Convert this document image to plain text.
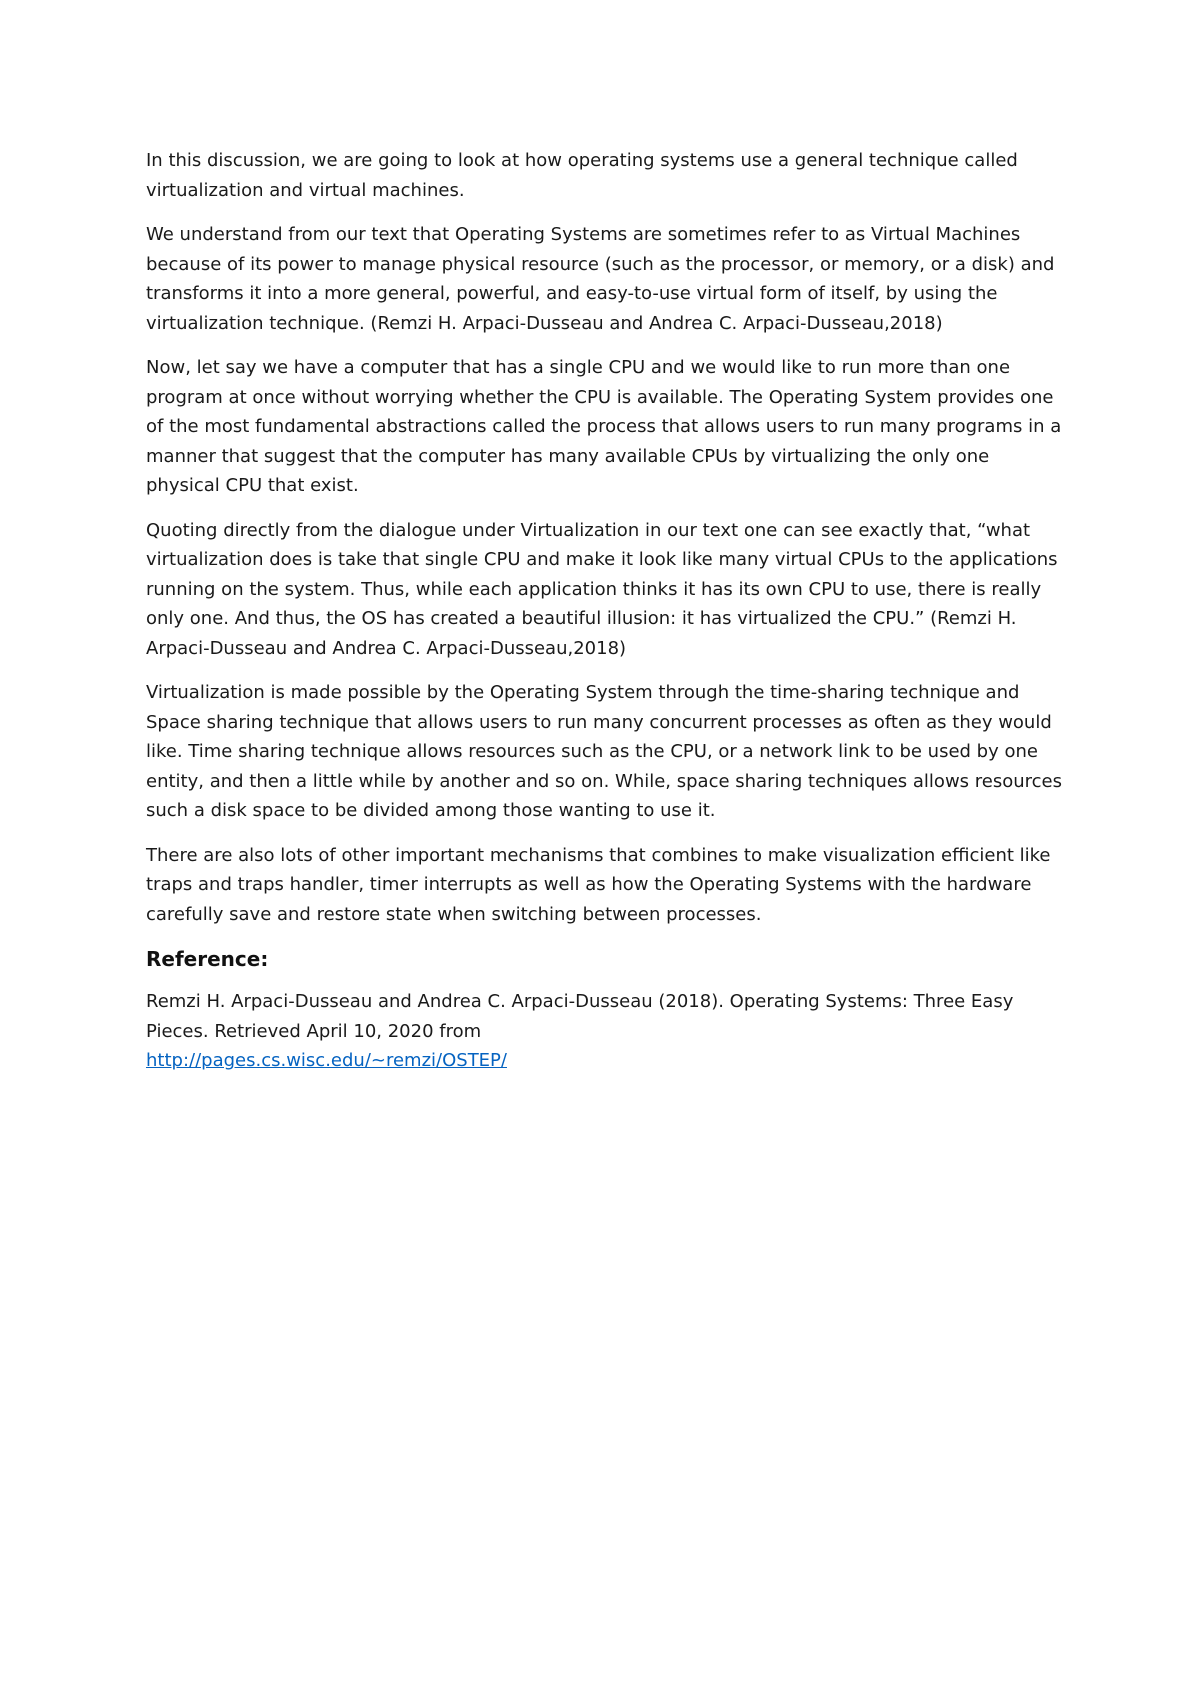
In this discussion, we are going to look at how operating systems use a general technique called virtualization and virtual machines.

We understand from our text that Operating Systems are sometimes refer to as Virtual Machines because of its power to manage physical resource (such as the processor, or memory, or a disk) and transforms it into a more general, powerful, and easy-to-use virtual form of itself, by using the virtualization technique. (Remzi H. Arpaci-Dusseau and Andrea C. Arpaci-Dusseau,2018)

Now, let say we have a computer that has a single CPU and we would like to run more than one program at once without worrying whether the CPU is available. The Operating System provides one of the most fundamental abstractions called the process that allows users to run many programs in a manner that suggest that the computer has many available CPUs by virtualizing the only one physical CPU that exist.

Quoting directly from the dialogue under Virtualization in our text one can see exactly that, “what virtualization does is take that single CPU and make it look like many virtual CPUs to the applications running on the system. Thus, while each application thinks it has its own CPU to use, there is really only one. And thus, the OS has created a beautiful illusion: it has virtualized the CPU.” (Remzi H. Arpaci-Dusseau and Andrea C. Arpaci-Dusseau,2018)

Virtualization is made possible by the Operating System through the time-sharing technique and Space sharing technique that allows users to run many concurrent processes as often as they would like. Time sharing technique allows resources such as the CPU, or a network link to be used by one entity, and then a little while by another and so on. While, space sharing techniques allows resources such a disk space to be divided among those wanting to use it.

There are also lots of other important mechanisms that combines to make visualization efficient like traps and traps handler, timer interrupts as well as how the Operating Systems with the hardware carefully save and restore state when switching between processes.

Reference:
Remzi H. Arpaci-Dusseau and Andrea C. Arpaci-Dusseau (2018). Operating Systems: Three Easy Pieces. Retrieved April 10, 2020 from
http://pages.cs.wisc.edu/~remzi/OSTEP/
